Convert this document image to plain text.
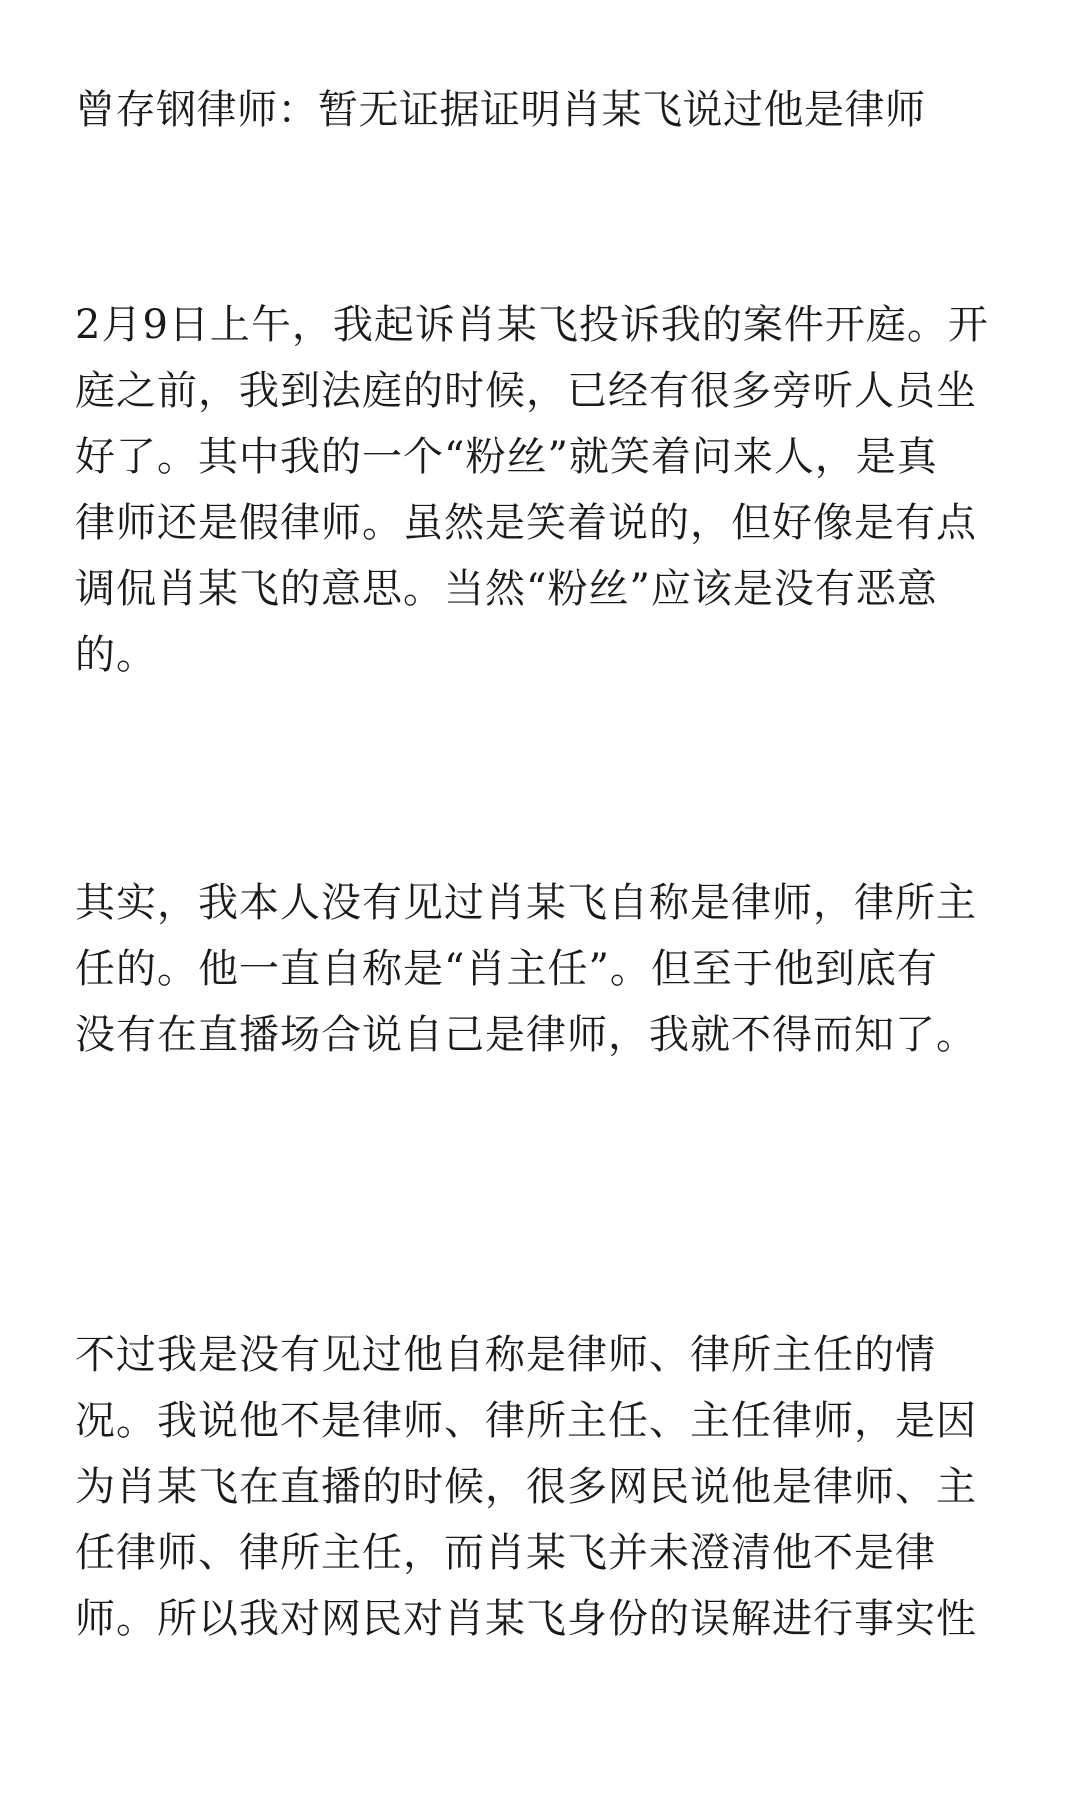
曾存钢律师：暂无证据证明肖某飞说过他是律师
2月9日上午，我起诉肖某飞投诉我的案件开庭。开
庭之前，我到法庭的时候，已经有很多旁听人员坐
好了。其中我的一个“粉丝”就笑着问来人，是真
律师还是假律师。虽然是笑着说的，但好像是有点
调侃肖某飞的意思。当然“粉丝”应该是没有恶意
的。
其实，我本人没有见过肖某飞自称是律师，律所主
任的。他一直自称是“肖主任”。但至于他到底有
没有在直播场合说自己是律师，我就不得而知了。
不过我是没有见过他自称是律师、律所主任的情
况。我说他不是律师、律所主任、主任律师，是因
为肖某飞在直播的时候，很多网民说他是律师、主
任律师、律所主任，而肖某飞并未澄清他不是律
师。所以我对网民对肖某飞身份的误解进行事实性
